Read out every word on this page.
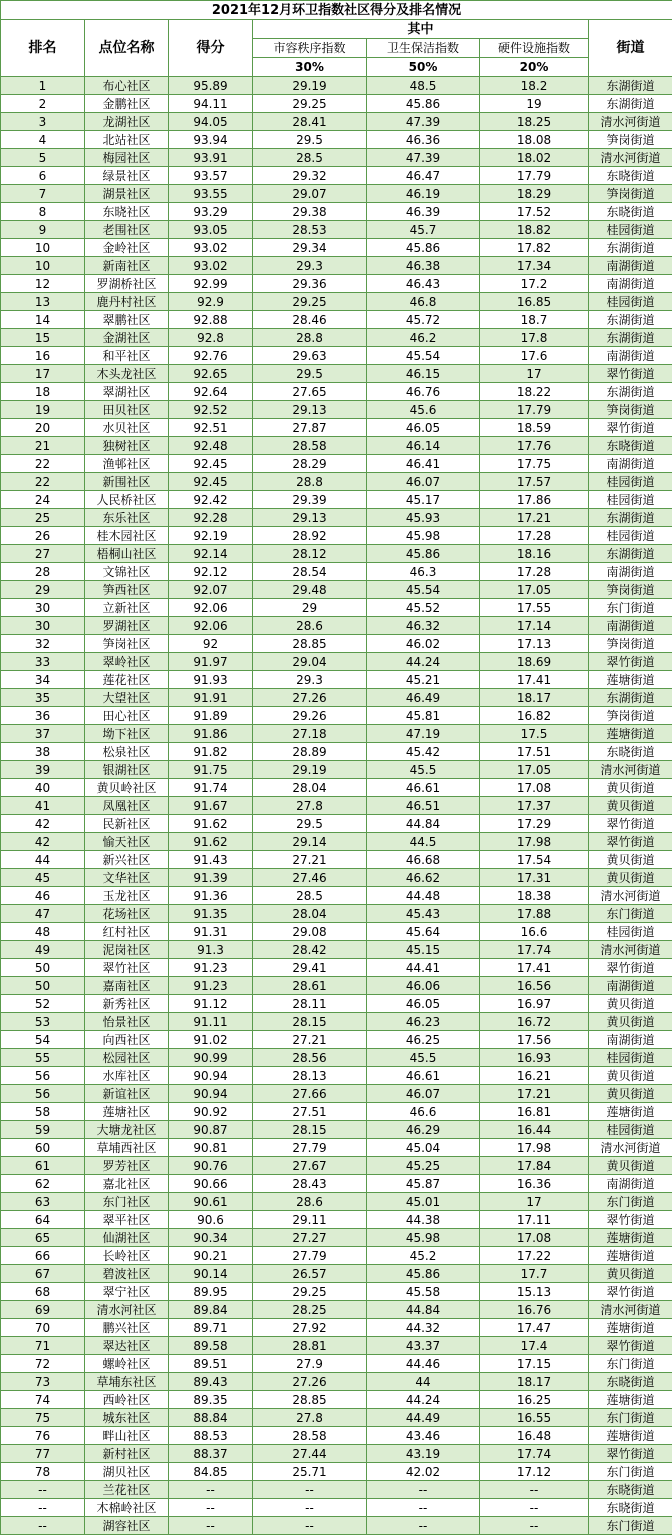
2021年12月环卫指数社区得分及排名情况						
排名	点位名称	得分	其中			街道
			市容秩序指数	卫生保洁指数	硬件设施指数	
			30%	50%	20%	
1	布心社区	95.89	29.19	48.5	18.2	东湖街道
2	金鹏社区	94.11	29.25	45.86	19	东湖街道
3	龙湖社区	94.05	28.41	47.39	18.25	清水河街道
4	北站社区	93.94	29.5	46.36	18.08	笋岗街道
5	梅园社区	93.91	28.5	47.39	18.02	清水河街道
6	绿景社区	93.57	29.32	46.47	17.79	东晓街道
7	湖景社区	93.55	29.07	46.19	18.29	笋岗街道
8	东晓社区	93.29	29.38	46.39	17.52	东晓街道
9	老围社区	93.05	28.53	45.7	18.82	桂园街道
10	金岭社区	93.02	29.34	45.86	17.82	东湖街道
10	新南社区	93.02	29.3	46.38	17.34	南湖街道
12	罗湖桥社区	92.99	29.36	46.43	17.2	南湖街道
13	鹿丹村社区	92.9	29.25	46.8	16.85	桂园街道
14	翠鹏社区	92.88	28.46	45.72	18.7	东湖街道
15	金湖社区	92.8	28.8	46.2	17.8	东湖街道
16	和平社区	92.76	29.63	45.54	17.6	南湖街道
17	木头龙社区	92.65	29.5	46.15	17	翠竹街道
18	翠湖社区	92.64	27.65	46.76	18.22	东湖街道
19	田贝社区	92.52	29.13	45.6	17.79	笋岗街道
20	水贝社区	92.51	27.87	46.05	18.59	翠竹街道
21	独树社区	92.48	28.58	46.14	17.76	东晓街道
22	渔邨社区	92.45	28.29	46.41	17.75	南湖街道
22	新围社区	92.45	28.8	46.07	17.57	桂园街道
24	人民桥社区	92.42	29.39	45.17	17.86	桂园街道
25	东乐社区	92.28	29.13	45.93	17.21	东湖街道
26	桂木园社区	92.19	28.92	45.98	17.28	桂园街道
27	梧桐山社区	92.14	28.12	45.86	18.16	东湖街道
28	文锦社区	92.12	28.54	46.3	17.28	南湖街道
29	笋西社区	92.07	29.48	45.54	17.05	笋岗街道
30	立新社区	92.06	29	45.52	17.55	东门街道
30	罗湖社区	92.06	28.6	46.32	17.14	南湖街道
32	笋岗社区	92	28.85	46.02	17.13	笋岗街道
33	翠岭社区	91.97	29.04	44.24	18.69	翠竹街道
34	莲花社区	91.93	29.3	45.21	17.41	莲塘街道
35	大望社区	91.91	27.26	46.49	18.17	东湖街道
36	田心社区	91.89	29.26	45.81	16.82	笋岗街道
37	坳下社区	91.86	27.18	47.19	17.5	莲塘街道
38	松泉社区	91.82	28.89	45.42	17.51	东晓街道
39	银湖社区	91.75	29.19	45.5	17.05	清水河街道
40	黄贝岭社区	91.74	28.04	46.61	17.08	黄贝街道
41	凤凰社区	91.67	27.8	46.51	17.37	黄贝街道
42	民新社区	91.62	29.5	44.84	17.29	翠竹街道
42	愉天社区	91.62	29.14	44.5	17.98	翠竹街道
44	新兴社区	91.43	27.21	46.68	17.54	黄贝街道
45	文华社区	91.39	27.46	46.62	17.31	黄贝街道
46	玉龙社区	91.36	28.5	44.48	18.38	清水河街道
47	花场社区	91.35	28.04	45.43	17.88	东门街道
48	红村社区	91.31	29.08	45.64	16.6	桂园街道
49	泥岗社区	91.3	28.42	45.15	17.74	清水河街道
50	翠竹社区	91.23	29.41	44.41	17.41	翠竹街道
50	嘉南社区	91.23	28.61	46.06	16.56	南湖街道
52	新秀社区	91.12	28.11	46.05	16.97	黄贝街道
53	怡景社区	91.11	28.15	46.23	16.72	黄贝街道
54	向西社区	91.02	27.21	46.25	17.56	南湖街道
55	松园社区	90.99	28.56	45.5	16.93	桂园街道
56	水库社区	90.94	28.13	46.61	16.21	黄贝街道
56	新谊社区	90.94	27.66	46.07	17.21	黄贝街道
58	莲塘社区	90.92	27.51	46.6	16.81	莲塘街道
59	大塘龙社区	90.87	28.15	46.29	16.44	桂园街道
60	草埔西社区	90.81	27.79	45.04	17.98	清水河街道
61	罗芳社区	90.76	27.67	45.25	17.84	黄贝街道
62	嘉北社区	90.66	28.43	45.87	16.36	南湖街道
63	东门社区	90.61	28.6	45.01	17	东门街道
64	翠平社区	90.6	29.11	44.38	17.11	翠竹街道
65	仙湖社区	90.34	27.27	45.98	17.08	莲塘街道
66	长岭社区	90.21	27.79	45.2	17.22	莲塘街道
67	碧波社区	90.14	26.57	45.86	17.7	黄贝街道
68	翠宁社区	89.95	29.25	45.58	15.13	翠竹街道
69	清水河社区	89.84	28.25	44.84	16.76	清水河街道
70	鹏兴社区	89.71	27.92	44.32	17.47	莲塘街道
71	翠达社区	89.58	28.81	43.37	17.4	翠竹街道
72	螺岭社区	89.51	27.9	44.46	17.15	东门街道
73	草埔东社区	89.43	27.26	44	18.17	东晓街道
74	西岭社区	89.35	28.85	44.24	16.25	莲塘街道
75	城东社区	88.84	27.8	44.49	16.55	东门街道
76	畔山社区	88.53	28.58	43.46	16.48	莲塘街道
77	新村社区	88.37	27.44	43.19	17.74	翠竹街道
78	湖贝社区	84.85	25.71	42.02	17.12	东门街道
--	兰花社区	--	--	--	--	东晓街道
--	木棉岭社区	--	--	--	--	东晓街道
--	湖容社区	--	--	--	--	东门街道
